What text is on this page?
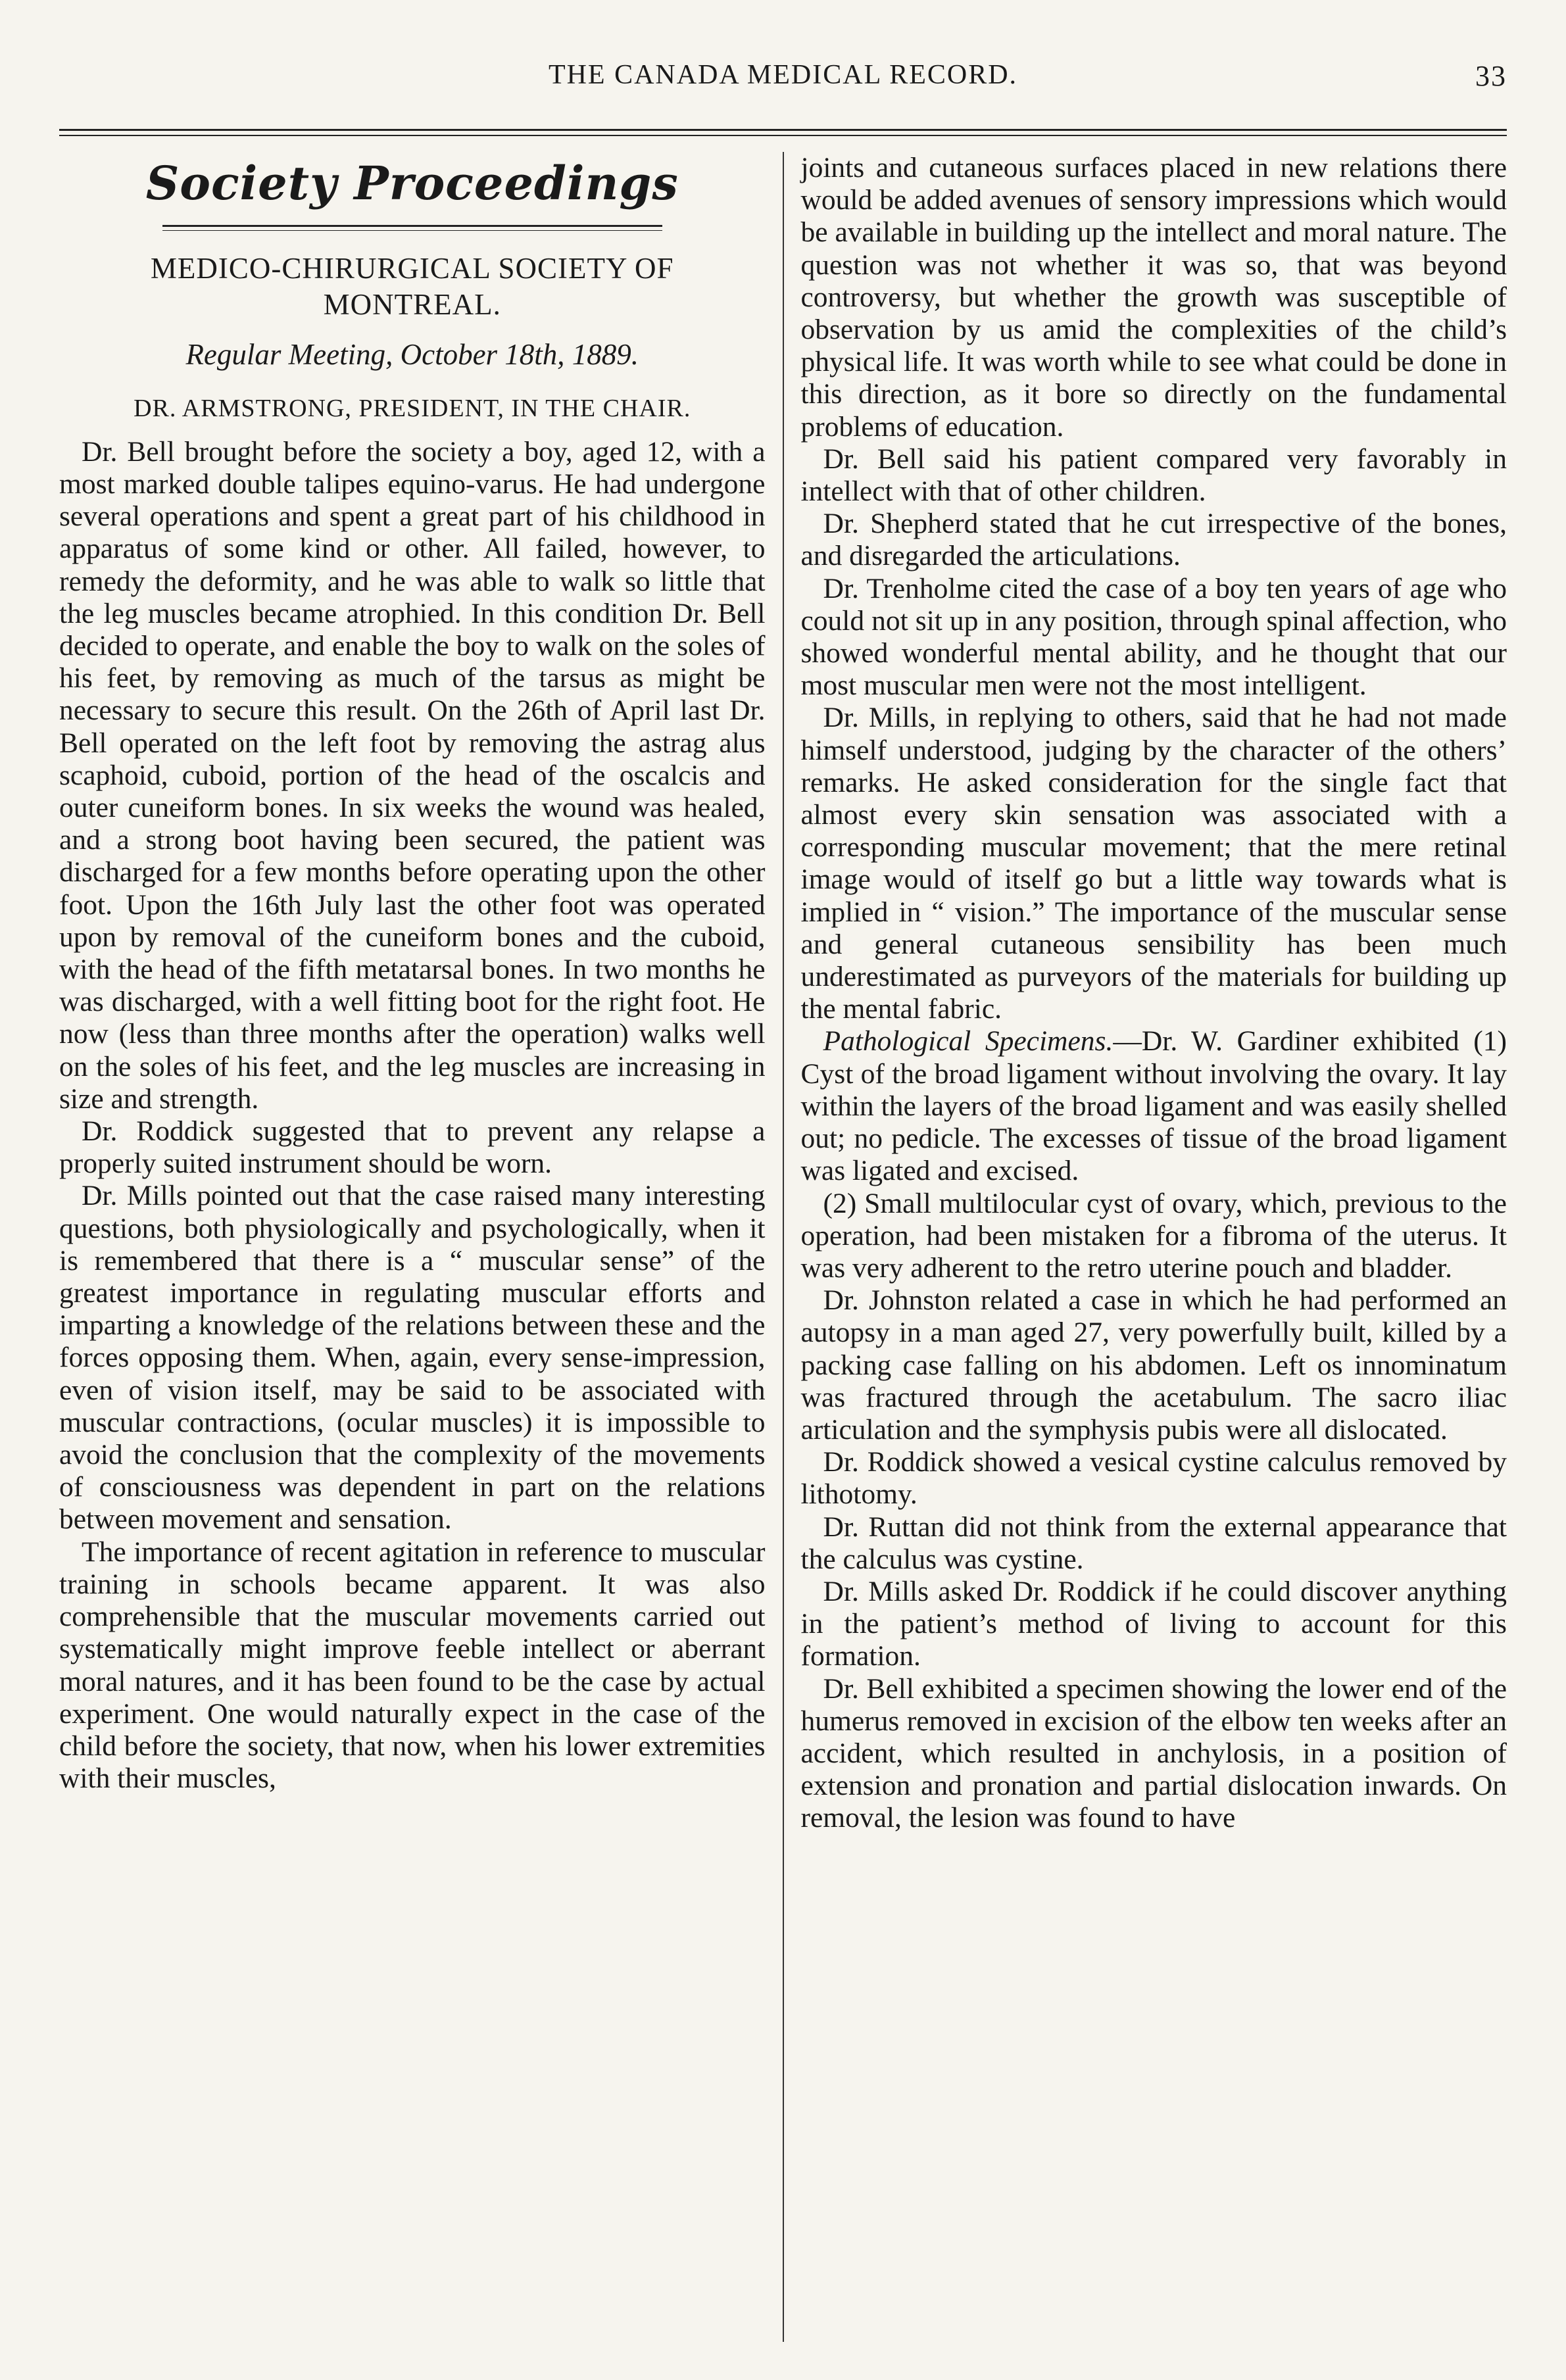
THE CANADA MEDICAL RECORD.	33
Society Proceedings
MEDICO-CHIRURGICAL SOCIETY OF MONTREAL.
Regular Meeting, October 18th, 1889.
DR. ARMSTRONG, PRESIDENT, IN THE CHAIR.

Dr. Bell brought before the society a boy, aged 12, with a most marked double talipes equino-varus. He had undergone several operations and spent a great part of his childhood in apparatus of some kind or other. All failed, however, to remedy the deformity, and he was able to walk so little that the leg muscles became atrophied. In this condition Dr. Bell decided to operate, and enable the boy to walk on the soles of his feet, by removing as much of the tarsus as might be necessary to secure this result. On the 26th of April last Dr. Bell operated on the left foot by removing the astrag alus scaphoid, cuboid, portion of the head of the oscalcis and outer cuneiform bones. In six weeks the wound was healed, and a strong boot having been secured, the patient was discharged for a few months before operating upon the other foot. Upon the 16th July last the other foot was operated upon by removal of the cuneiform bones and the cuboid, with the head of the fifth metatarsal bones. In two months he was discharged, with a well fitting boot for the right foot. He now (less than three months after the operation) walks well on the soles of his feet, and the leg muscles are increasing in size and strength.

Dr. Roddick suggested that to prevent any relapse a properly suited instrument should be worn.

Dr. Mills pointed out that the case raised many interesting questions, both physiologically and psychologically, when it is remembered that there is a “ muscular sense” of the greatest importance in regulating muscular efforts and imparting a knowledge of the relations between these and the forces opposing them. When, again, every sense-impression, even of vision itself, may be said to be associated with muscular contractions, (ocular muscles) it is impossible to avoid the conclusion that the complexity of the movements of consciousness was dependent in part on the relations between movement and sensation.

The importance of recent agitation in reference to muscular training in schools became apparent. It was also comprehensible that the muscular movements carried out systematically might improve feeble intellect or aberrant moral natures, and it has been found to be the case by actual experiment. One would naturally expect in the case of the child before the society, that now, when his lower extremities with their muscles,

joints and cutaneous surfaces placed in new relations there would be added avenues of sensory impressions which would be available in building up the intellect and moral nature. The question was not whether it was so, that was beyond controversy, but whether the growth was susceptible of observation by us amid the complexities of the child’s physical life. It was worth while to see what could be done in this direction, as it bore so directly on the fundamental problems of education.

Dr. Bell said his patient compared very favorably in intellect with that of other children.

Dr. Shepherd stated that he cut irrespective of the bones, and disregarded the articulations.

Dr. Trenholme cited the case of a boy ten years of age who could not sit up in any position, through spinal affection, who showed wonderful mental ability, and he thought that our most muscular men were not the most intelligent.

Dr. Mills, in replying to others, said that he had not made himself understood, judging by the character of the others’ remarks. He asked consideration for the single fact that almost every skin sensation was associated with a corresponding muscular movement; that the mere retinal image would of itself go but a little way towards what is implied in “ vision.” The importance of the muscular sense and general cutaneous sensibility has been much underestimated as purveyors of the materials for building up the mental fabric.

Pathological Specimens.—Dr. W. Gardiner exhibited (1) Cyst of the broad ligament without involving the ovary. It lay within the layers of the broad ligament and was easily shelled out; no pedicle. The excesses of tissue of the broad ligament was ligated and excised.

(2) Small multilocular cyst of ovary, which, previous to the operation, had been mistaken for a fibroma of the uterus. It was very adherent to the retro uterine pouch and bladder.

Dr. Johnston related a case in which he had performed an autopsy in a man aged 27, very powerfully built, killed by a packing case falling on his abdomen. Left os innominatum was fractured through the acetabulum. The sacro iliac articulation and the symphysis pubis were all dislocated.

Dr. Roddick showed a vesical cystine calculus removed by lithotomy.

Dr. Ruttan did not think from the external appearance that the calculus was cystine.

Dr. Mills asked Dr. Roddick if he could discover anything in the patient’s method of living to account for this formation.

Dr. Bell exhibited a specimen showing the lower end of the humerus removed in excision of the elbow ten weeks after an accident, which resulted in anchylosis, in a position of extension and pronation and partial dislocation inwards. On removal, the lesion was found to have
